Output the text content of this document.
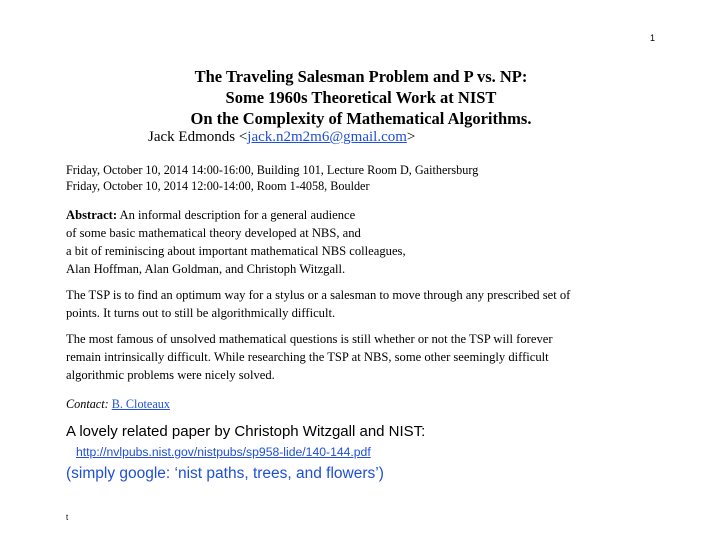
1
The Traveling Salesman Problem and P vs. NP:
Some 1960s Theoretical Work at NIST
On the Complexity of Mathematical Algorithms.
Jack Edmonds <jack.n2m2m6@gmail.com>
Friday, October 10, 2014 14:00-16:00, Building 101, Lecture Room D, Gaithersburg
Friday, October 10, 2014 12:00-14:00, Room 1-4058, Boulder
Abstract: An informal description for a general audience
of some basic mathematical theory developed at NBS, and
a bit of reminiscing about important mathematical NBS colleagues,
Alan Hoffman, Alan Goldman, and Christoph Witzgall.
The TSP is to find an optimum way for a stylus or a salesman to move through any prescribed set of
points. It turns out to still be algorithmically difficult.
The most famous of unsolved mathematical questions is still whether or not the TSP will forever
remain intrinsically difficult. While researching the TSP at NBS, some other seemingly difficult
algorithmic problems were nicely solved.
Contact: B. Cloteaux
A lovely related paper by Christoph Witzgall and NIST:
http://nvlpubs.nist.gov/nistpubs/sp958-lide/140-144.pdf
(simply google: ‘nist paths, trees, and flowers’)
t
